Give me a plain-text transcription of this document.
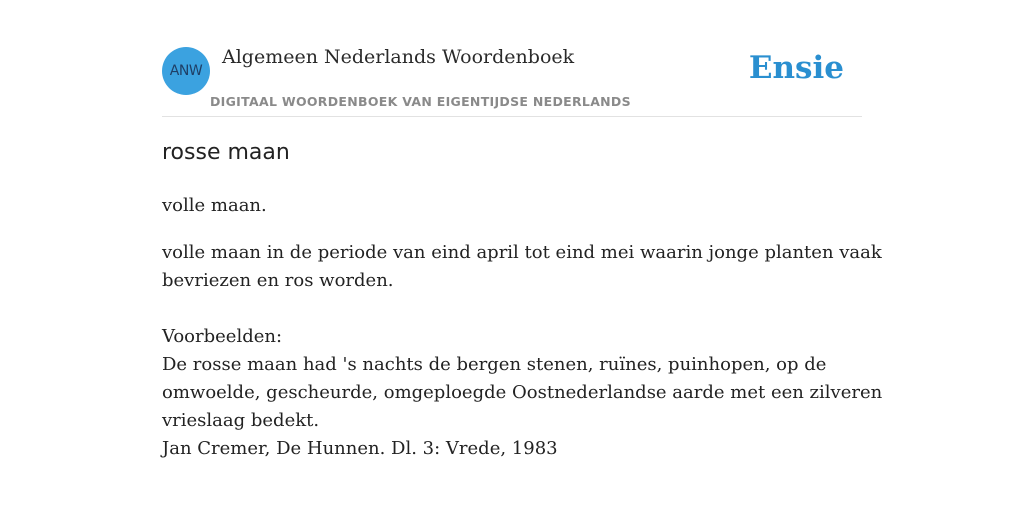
ANW
Algemeen Nederlands Woordenboek
DIGITAAL WOORDENBOEK VAN EIGENTIJDSE NEDERLANDS
Ensie
rosse maan
volle maan.
volle maan in de periode van eind april tot eind mei waarin jonge planten vaak
bevriezen en ros worden.
Voorbeelden:
De rosse maan had 's nachts de bergen stenen, ruïnes, puinhopen, op de
omwoelde, gescheurde, omgeploegde Oostnederlandse aarde met een zilveren
vrieslaag bedekt.
Jan Cremer, De Hunnen. Dl. 3: Vrede, 1983
